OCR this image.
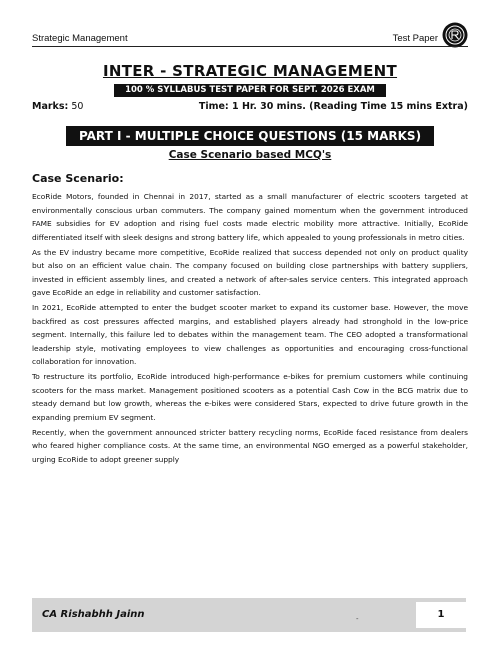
Strategic Management	Test Paper
INTER - STRATEGIC MANAGEMENT
100 % SYLLABUS TEST PAPER FOR SEPT. 2026 EXAM
Marks: 50	Time: 1 Hr. 30 mins. (Reading Time 15 mins Extra)
PART I - MULTIPLE CHOICE QUESTIONS (15 MARKS)
Case Scenario based MCQ's
Case Scenario:

EcoRide Motors, founded in Chennai in 2017, started as a small manufacturer of electric scooters targeted at environmentally conscious urban commuters. The company gained momentum when the government introduced FAME subsidies for EV adoption and rising fuel costs made electric mobility more attractive. Initially, EcoRide differentiated itself with sleek designs and strong battery life, which appealed to young professionals in metro cities.

As the EV industry became more competitive, EcoRide realized that success depended not only on product quality but also on an efficient value chain. The company focused on building close partnerships with battery suppliers, invested in efficient assembly lines, and created a network of after-sales service centers. This integrated approach gave EcoRide an edge in reliability and customer satisfaction.

In 2021, EcoRide attempted to enter the budget scooter market to expand its customer base. However, the move backfired as cost pressures affected margins, and established players already had stronghold in the low-price segment. Internally, this failure led to debates within the management team. The CEO adopted a transformational leadership style, motivating employees to view challenges as opportunities and encouraging cross-functional collaboration for innovation.

To restructure its portfolio, EcoRide introduced high-performance e-bikes for premium customers while continuing scooters for the mass market. Management positioned scooters as a potential Cash Cow in the BCG matrix due to steady demand but low growth, whereas the e-bikes were considered Stars, expected to drive future growth in the expanding premium EV segment.

Recently, when the government announced stricter battery recycling norms, EcoRide faced resistance from dealers who feared higher compliance costs. At the same time, an environmental NGO emerged as a powerful stakeholder, urging EcoRide to adopt greener supply

CA Rishabhh Jainn	-	1
